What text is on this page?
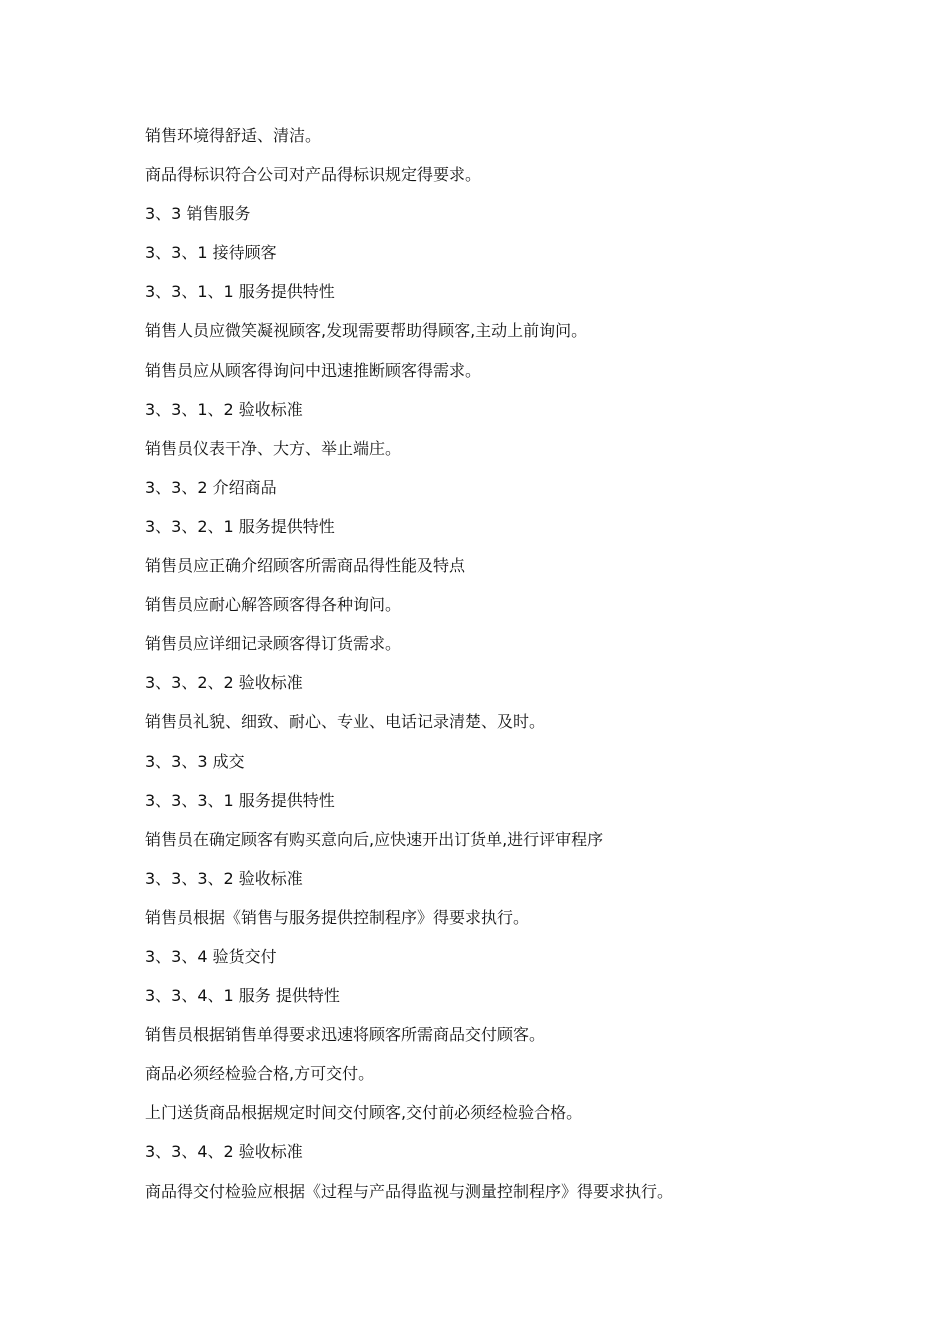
销售环境得舒适、清洁。
商品得标识符合公司对产品得标识规定得要求。
3、3 销售服务
3、3、1 接待顾客
3、3、1、1 服务提供特性
销售人员应微笑凝视顾客,发现需要帮助得顾客,主动上前询问。
销售员应从顾客得询问中迅速推断顾客得需求。
3、3、1、2 验收标准
销售员仪表干净、大方、举止端庄。
3、3、2 介绍商品
3、3、2、1 服务提供特性
销售员应正确介绍顾客所需商品得性能及特点
销售员应耐心解答顾客得各种询问。
销售员应详细记录顾客得订货需求。
3、3、2、2 验收标准
销售员礼貌、细致、耐心、专业、电话记录清楚、及时。
3、3、3 成交
3、3、3、1 服务提供特性
销售员在确定顾客有购买意向后,应快速开出订货单,进行评审程序
3、3、3、2 验收标准
销售员根据《销售与服务提供控制程序》得要求执行。
3、3、4 验货交付
3、3、4、1 服务 提供特性
销售员根据销售单得要求迅速将顾客所需商品交付顾客。
商品必须经检验合格,方可交付。
上门送货商品根据规定时间交付顾客,交付前必须经检验合格。
3、3、4、2 验收标准
商品得交付检验应根据《过程与产品得监视与测量控制程序》得要求执行。
